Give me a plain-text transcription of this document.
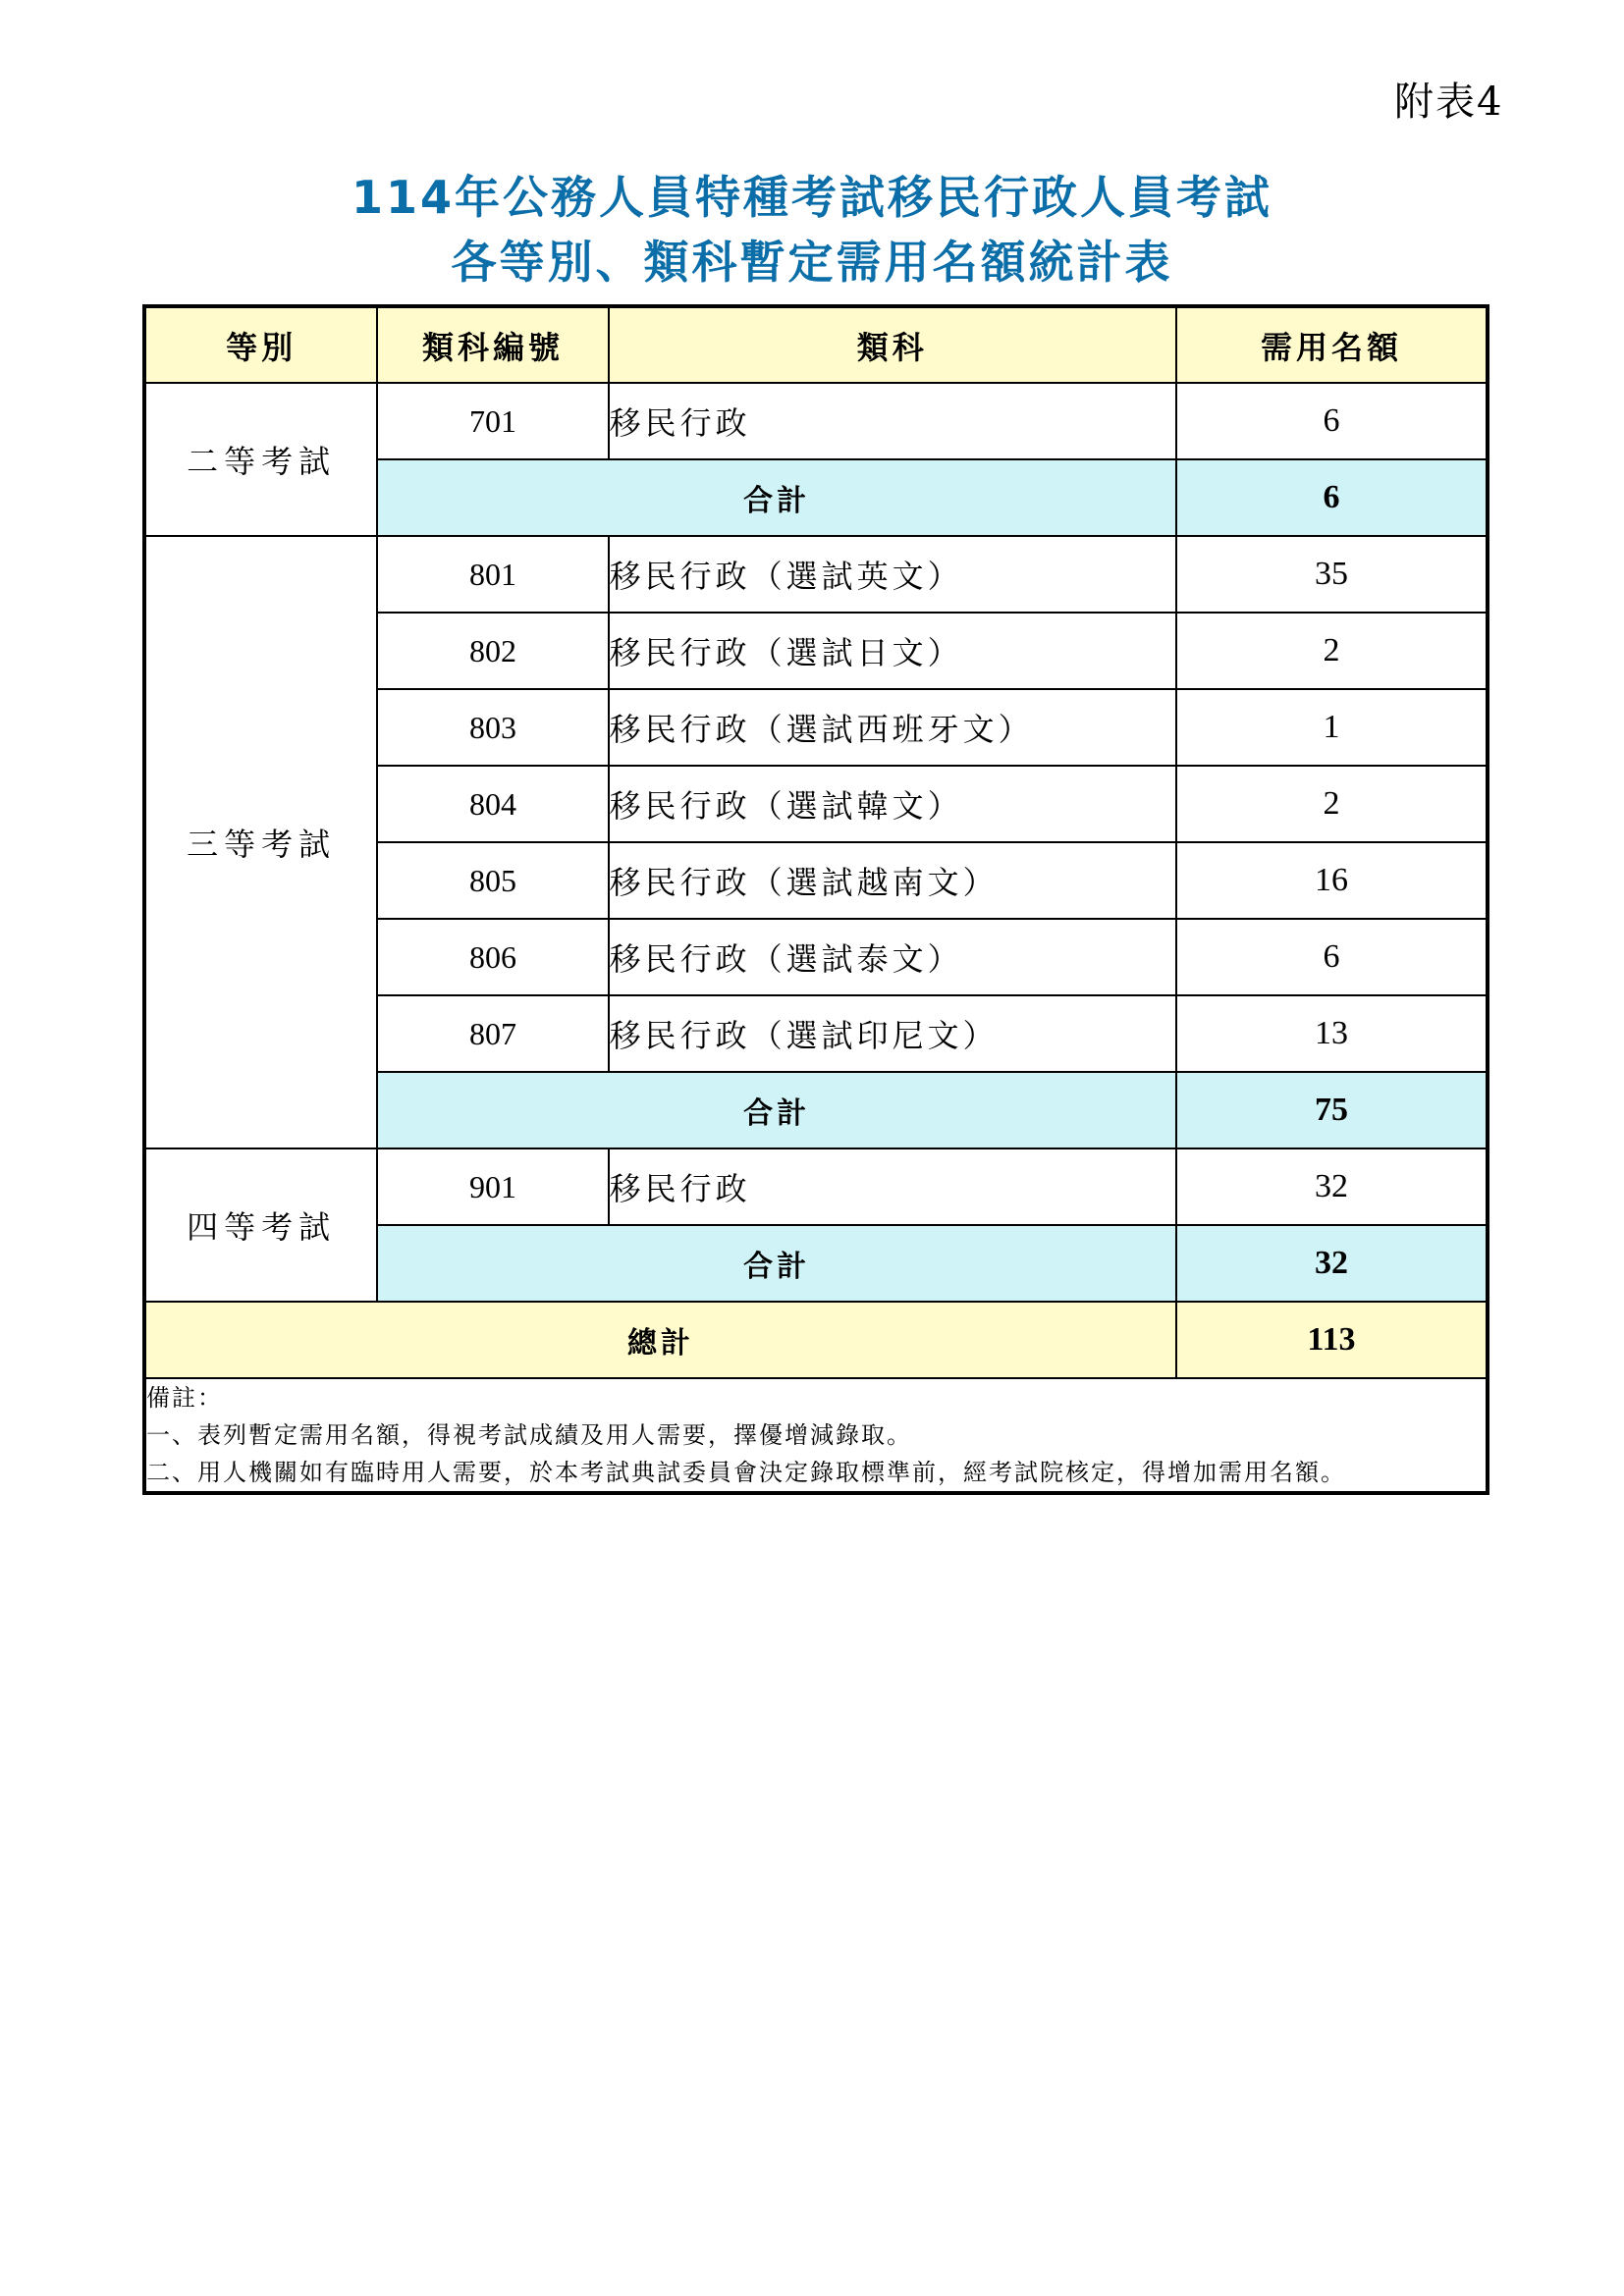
附表4
114年公務人員特種考試移民行政人員考試
各等別、類科暫定需用名額統計表
等別	類科編號	類科	需用名額
二等考試	701	移民行政	6
	合計		6
三等考試	801	移民行政（選試英文）	35
	802	移民行政（選試日文）	2
	803	移民行政（選試西班牙文）	1
	804	移民行政（選試韓文）	2
	805	移民行政（選試越南文）	16
	806	移民行政（選試泰文）	6
	807	移民行政（選試印尼文）	13
	合計		75
四等考試	901	移民行政	32
	合計		32
總計			113

備註：
一、表列暫定需用名額，得視考試成績及用人需要，擇優增減錄取。
二、用人機關如有臨時用人需要，於本考試典試委員會決定錄取標準前，經考試院核定，得增加需用名額。			
